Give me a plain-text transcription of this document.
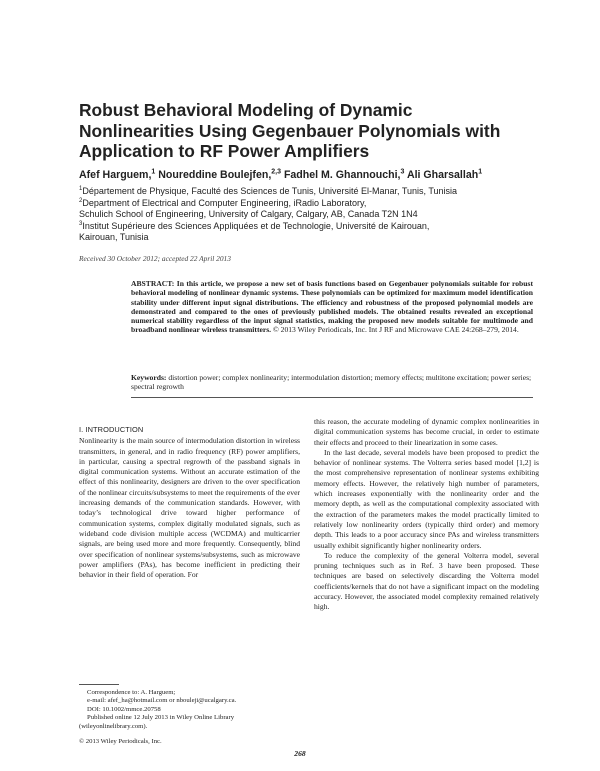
Robust Behavioral Modeling of Dynamic
Nonlinearities Using Gegenbauer Polynomials with
Application to RF Power Amplifiers
Afef Harguem,$^1$ Noureddine Boulejfen,$^{2,3}$ Fadhel M. Ghannouchi,$^3$ Ali Gharsallah$^1$
$^1$Département de Physique, Faculté des Sciences de Tunis, Université El-Manar, Tunis, Tunisia
$^2$Department of Electrical and Computer Engineering, iRadio Laboratory,
Schulich School of Engineering, University of Calgary, Calgary, AB, Canada T2N 1N4
$^3$Institut Supérieure des Sciences Appliquées et de Technologie, Université de Kairouan,
Kairouan, Tunisia
Received 30 October 2012; accepted 22 April 2013
ABSTRACT: In this article, we propose a new set of basis functions based on Gegenbauer polynomials suitable for robust behavioral modeling of nonlinear dynamic systems. These polynomials can be optimized for maximum model identification stability under different input signal distributions. The efficiency and robustness of the proposed polynomial models are demonstrated and compared to the ones of previously published models. The obtained results revealed an exceptional numerical stability regardless of the input signal statistics, making the proposed new models suitable for multimode and broadband nonlinear wireless transmitters. © 2013 Wiley Periodicals, Inc. Int J RF and Microwave CAE 24:268–279, 2014.
Keywords: distortion power; complex nonlinearity; intermodulation distortion; memory effects; multitone excitation; power series; spectral regrowth
I. INTRODUCTION

Nonlinearity is the main source of intermodulation distortion in wireless transmitters, in general, and in radio frequency (RF) power amplifiers, in particular, causing a spectral regrowth of the passband signals in digital communication systems. Without an accurate estimation of the effect of this nonlinearity, designers are driven to the over specification of the nonlinear circuits/subsystems to meet the requirements of the ever increasing demands of the communication standards. However, with today’s technological drive toward higher performance of communication systems, complex digitally modulated signals, such as wideband code division multiple access (WCDMA) and multicarrier signals, are being used more and more frequently. Consequently, blind over specification of nonlinear systems/subsystems, such as microwave power amplifiers (PAs), has become inefficient in predicting their behavior in their field of operation. For

this reason, the accurate modeling of dynamic complex nonlinearities in digital communication systems has become crucial, in order to estimate their effects and proceed to their linearization in some cases.

In the last decade, several models have been proposed to predict the behavior of nonlinear systems. The Volterra series based model [1,2] is the most comprehensive representation of nonlinear systems exhibiting memory effects. However, the relatively high number of parameters, which increases exponentially with the nonlinearity order and the memory depth, as well as the computational complexity associated with the extraction of the parameters makes the model practically limited to relatively low nonlinearity orders (typically third order) and memory depth. This leads to a poor accuracy since PAs and wireless transmitters usually exhibit significantly higher nonlinearity orders.

To reduce the complexity of the general Volterra model, several pruning techniques such as in Ref. 3 have been proposed. These techniques are based on selectively discarding the Volterra model coefficients/kernels that do not have a significant impact on the modeling accuracy. However, the associated model complexity remained relatively high.

Correspondence to: A. Harguem;

e-mail: afef_ha@hotmail.com or nbouleji@ucalgary.ca.

DOI: 10.1002/mmce.20758

Published online 12 July 2013 in Wiley Online Library (wileyonlinelibrary.com).

© 2013 Wiley Periodicals, Inc.
268
